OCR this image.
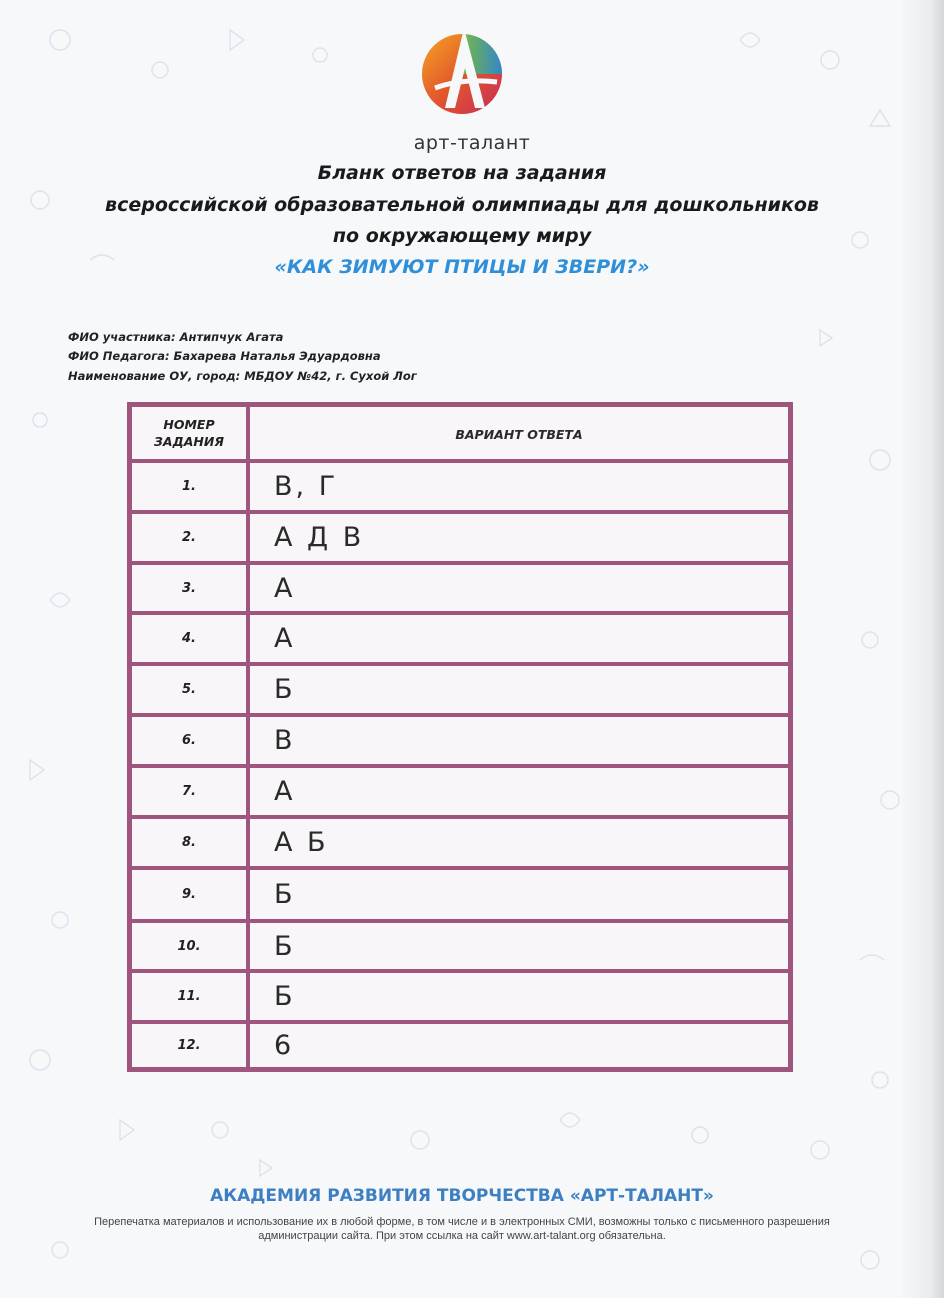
арт-талант
Бланк ответов на задания
всероссийской образовательной олимпиады для дошкольников
по окружающему миру
«КАК ЗИМУЮТ ПТИЦЫ И ЗВЕРИ?»
ФИО участника: Антипчук Агата
ФИО Педагога: Бахарева Наталья Эдуардовна
Наименование ОУ, город: МБДОУ №42, г. Сухой Лог
НОМЕР ЗАДАНИЯ	ВАРИАНТ ОТВЕТА
1.	В, Г
2.	А Д В
3.	А
4.	А
5.	Б
6.	В
7.	А
8.	А Б
9.	Б
10.	Б
11.	Б
12.	6
АКАДЕМИЯ РАЗВИТИЯ ТВОРЧЕСТВА «АРТ-ТАЛАНТ»
Перепечатка материалов и использование их в любой форме, в том числе и в электронных СМИ, возможны только с письменного разрешения администрации сайта. При этом ссылка на сайт www.art-talant.org обязательна.
